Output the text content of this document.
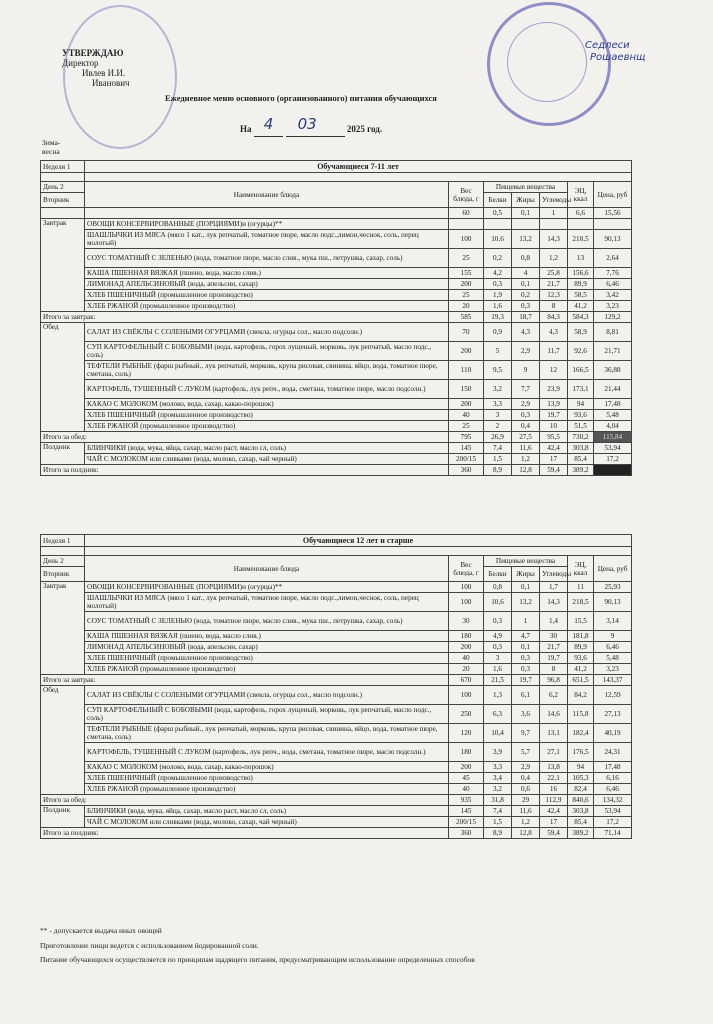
Седлеси
Рошаевнщ
УТВЕРЖДАЮ
Директор
Ивлев И.И.
Иванович
Ежедневное меню основного (организованного) питания обучающихся
На 4 03	2025 год.
Зима-весна
Неделя 1	Обучающиеся 7-11 лет						

День 2	Наименование блюда	Вес блюда, г	Пищевые вещества			ЭЦ, ккал	Цена, руб
Вторник			Белки	Жиры	Углеводы		
		60	0,5	0,1	1	6,6	15,56
Завтрак	ОВОЩИ КОНСЕРВИРОВАННЫЕ (ПОРЦИЯМИ)н (огурцы)**						
	ШАШЛЫЧКИ ИЗ МЯСА (мясо 1 кат., лук репчатый, томатное пюре, масло подс.,лимон,чеснок, соль, перец молотый)	100	10,6	13,2	14,3	218,5	90,13
	СОУС ТОМАТНЫЙ С ЗЕЛЕНЬЮ (вода, томатное пюре, масло слив., мука пш., петрушка, сахар, соль)	25	0,2	0,8	1,2	13	2,64
	КАША ПШЕННАЯ ВЯЗКАЯ (пшено, вода, масло слив.)	155	4,2	4	25,8	156,6	7,76
	ЛИМОНАД АПЕЛЬСИНОВЫЙ (вода, апельсин, сахар)	200	0,3	0,1	21,7	89,9	6,46
	ХЛЕБ ПШЕНИЧНЫЙ (промышленное производство)	25	1,9	0,2	12,3	58,5	3,42
	ХЛЕБ РЖАНОЙ (промышленное производство)	20	1,6	0,3	8	41,2	3,23
Итого за завтрак:		585	19,3	18,7	84,3	584,3	129,2
Обед	САЛАТ ИЗ СВЁКЛЫ С СОЛЕНЫМИ ОГУРЦАМИ (свекла, огурцы сол., масло подсолн.)	70	0,9	4,3	4,3	58,9	8,81
	СУП КАРТОФЕЛЬНЫЙ С БОБОВЫМИ (вода, картофель, горох лущеный, морковь, лук репчатый, масло подс., соль)	200	5	2,9	11,7	92,6	21,71
	ТЕФТЕЛИ РЫБНЫЕ (фарш рыбный., лук репчатый, морковь, крупа рисовая, свинина, яйцо, вода, томатное пюре, сметана, соль)	110	9,5	9	12	166,5	36,88
	КАРТОФЕЛЬ, ТУШЕННЫЙ С ЛУКОМ (картофель, лук репч., вода, сметана, томатное пюре, масло подсолн.)	150	3,2	7,7	23,9	173,1	21,44
	КАКАО С МОЛОКОМ (молоко, вода, сахар, какао-порошок)	200	3,3	2,9	13,9	94	17,48
	ХЛЕБ ПШЕНИЧНЫЙ (промышленное производство)	40	3	0,3	19,7	93,6	5,48
	ХЛЕБ РЖАНОЙ (промышленное производство)	25	2	0,4	10	51,5	4,04
Итого за обед:		795	26,9	27,5	95,5	730,2	115,84
Полдник	БЛИНЧИКИ (вода, мука, яйца, сахар, масло раст, масло сл, соль)	145	7,4	11,6	42,4	303,8	53,94
	ЧАЙ С МОЛОКОМ или сливками (вода, молоко, сахар, чай черный)	200/15	1,5	1,2	17	85,4	17,2
Итого за полдник:		360	8,9	12,8	59,4	389,2	
Неделя 1	Обучающиеся 12 лет и старше						

День 2	Наименование блюда	Вес блюда, г	Пищевые вещества			ЭЦ, ккал	Цена, руб
Вторник			Белки	Жиры	Углеводы		
Завтрак	ОВОЩИ КОНСЕРВИРОВАННЫЕ (ПОРЦИЯМИ)н (огурцы)**	100	0,8	0,1	1,7	11	25,93
	ШАШЛЫЧКИ ИЗ МЯСА (мясо 1 кат., лук репчатый, томатное пюре, масло подс.,лимон,чеснок, соль, перец молотый)	100	10,6	13,2	14,3	218,5	90,13
	СОУС ТОМАТНЫЙ С ЗЕЛЕНЬЮ (вода, томатное пюре, масло слив., мука пш., петрушка, сахар, соль)	30	0,3	1	1,4	15,5	3,14
	КАША ПШЕННАЯ ВЯЗКАЯ (пшено, вода, масло слив.)	180	4,9	4,7	30	181,8	9
	ЛИМОНАД АПЕЛЬСИНОВЫЙ (вода, апельсин, сахар)	200	0,3	0,1	21,7	89,9	6,46
	ХЛЕБ ПШЕНИЧНЫЙ (промышленное производство)	40	3	0,3	19,7	93,6	5,48
	ХЛЕБ РЖАНОЙ (промышленное производство)	20	1,6	0,3	8	41,2	3,23
Итого за завтрак:		670	21,5	19,7	96,8	651,5	143,37
Обед	САЛАТ ИЗ СВЁКЛЫ С СОЛЕНЫМИ ОГУРЦАМИ (свекла, огурцы сол., масло подсолн.)	100	1,3	6,1	6,2	84,2	12,59
	СУП КАРТОФЕЛЬНЫЙ С БОБОВЫМИ (вода, картофель, горох лущеный, морковь, лук репчатый, масло подс., соль)	250	6,3	3,6	14,6	115,8	27,13
	ТЕФТЕЛИ РЫБНЫЕ (фарш рыбный., лук репчатый, морковь, крупа рисовая, свинина, яйцо, вода, томатное пюре, сметана, соль)	120	10,4	9,7	13,1	182,4	40,19
	КАРТОФЕЛЬ, ТУШЕННЫЙ С ЛУКОМ (картофель, лук репч., вода, сметана, томатное пюре, масло подсолн.)	180	3,9	5,7	27,1	176,5	24,31
	КАКАО С МОЛОКОМ (молоко, вода, сахар, какао-порошок)	200	3,3	2,9	13,8	94	17,48
	ХЛЕБ ПШЕНИЧНЫЙ (промышленное производство)	45	3,4	0,4	22,1	105,3	6,16
	ХЛЕБ РЖАНОЙ (промышленное производство)	40	3,2	0,6	16	82,4	6,46
Итого за обед:		935	31,8	29	112,9	840,6	134,32
Полдник	БЛИНЧИКИ (вода, мука, яйца, сахар, масло раст, масло сл, соль)	145	7,4	11,6	42,4	303,8	53,94
	ЧАЙ С МОЛОКОМ или сливками (вода, молоко, сахар, чай черный)	200/15	1,5	1,2	17	85,4	17,2
Итого за полдник:		360	8,9	12,8	59,4	389,2	71,14
** - допускается выдача иных овощей
Приготовление пищи ведется с использованием йодированной соли.
Питание обучающихся осуществляется по принципам щадящего питания, предусматривающим использование определенных способов
